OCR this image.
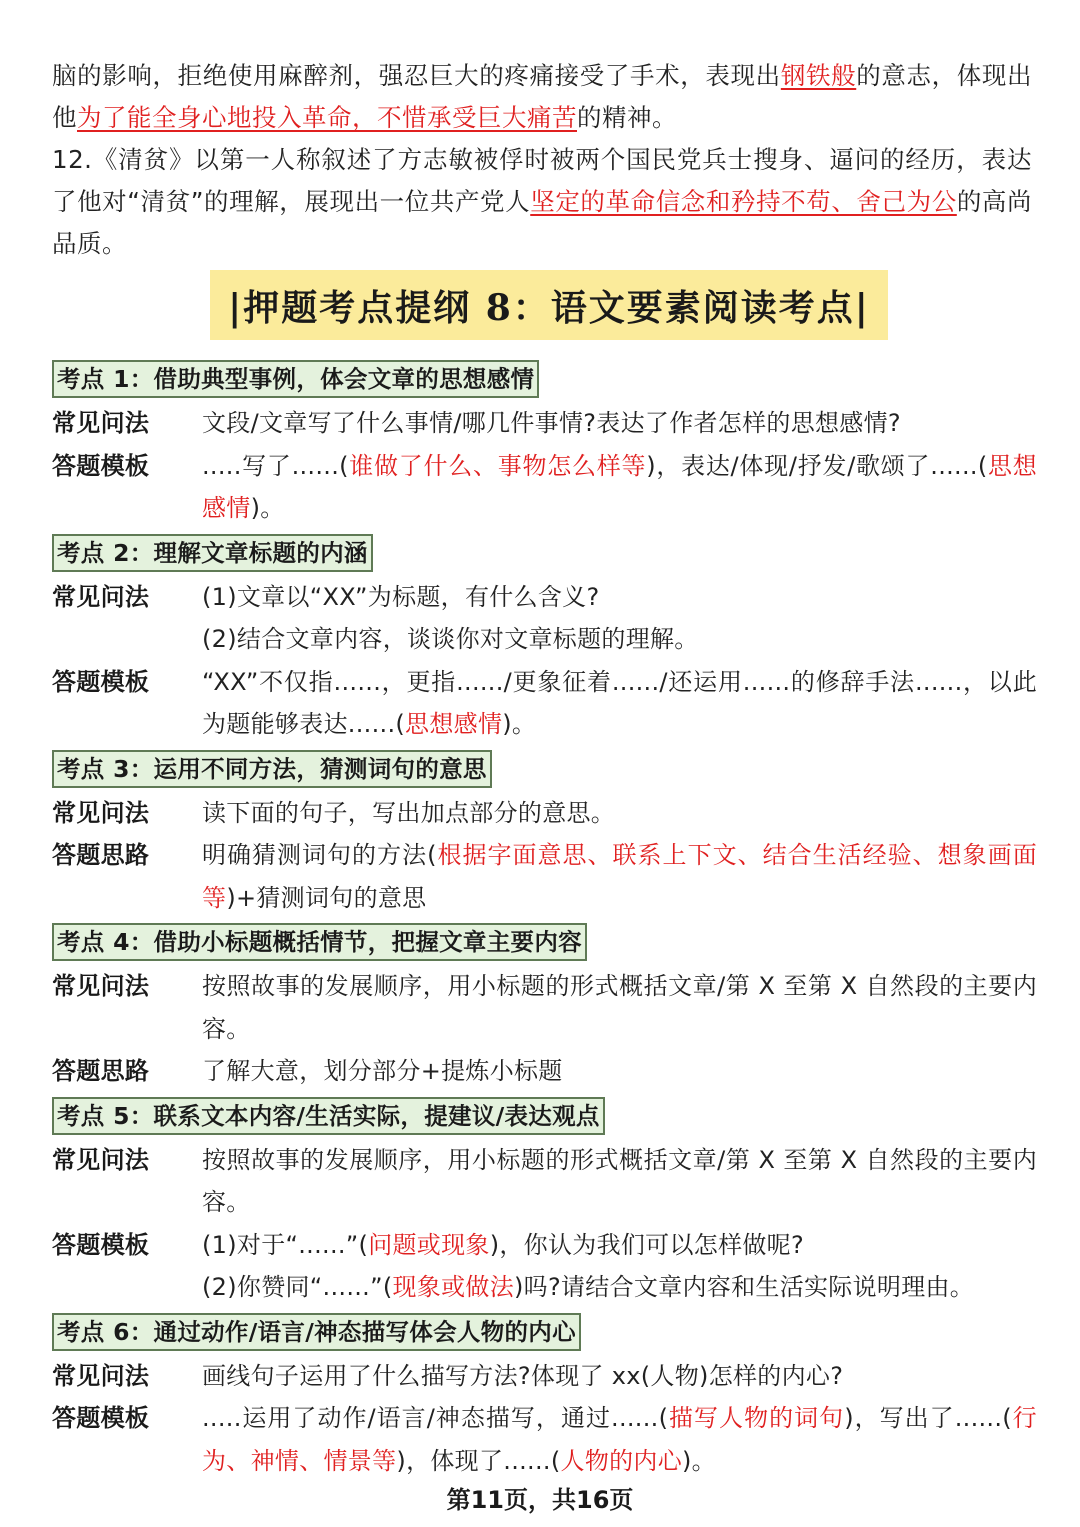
脑的影响，拒绝使用麻醉剂，强忍巨大的疼痛接受了手术，表现出钢铁般的意志，体现出他为了能全身心地投入革命，不惜承受巨大痛苦的精神。

12.《清贫》以第一人称叙述了方志敏被俘时被两个国民党兵士搜身、逼问的经历，表达了他对“清贫”的理解，展现出一位共产党人坚定的革命信念和矜持不苟、舍己为公的高尚品质。

|押题考点提纲 8：语文要素阅读考点|
考点 1：借助典型事例，体会文章的思想感情
常见问法	文段/文章写了什么事情/哪几件事情?表达了作者怎样的思想感情?
答题模板	.....写了......(谁做了什么、事物怎么样等)，表达/体现/抒发/歌颂了......(思想感情)。
考点 2：理解文章标题的内涵
常见问法	(1)文章以“XX”为标题，有什么含义?
(2)结合文章内容，谈谈你对文章标题的理解。
答题模板	“XX”不仅指......，更指....../更象征着....../还运用......的修辞手法......，以此为题能够表达......(思想感情)。
考点 3：运用不同方法，猜测词句的意思
常见问法	读下面的句子，写出加点部分的意思。
答题思路	明确猜测词句的方法(根据字面意思、联系上下文、结合生活经验、想象画面等)+猜测词句的意思
考点 4：借助小标题概括情节，把握文章主要内容
常见问法	按照故事的发展顺序，用小标题的形式概括文章/第 X 至第 X 自然段的主要内容。
答题思路	了解大意，划分部分+提炼小标题
考点 5：联系文本内容/生活实际，提建议/表达观点
常见问法	按照故事的发展顺序，用小标题的形式概括文章/第 X 至第 X 自然段的主要内容。
答题模板	(1)对于“......”(问题或现象)，你认为我们可以怎样做呢?
(2)你赞同“......”(现象或做法)吗?请结合文章内容和生活实际说明理由。
考点 6：通过动作/语言/神态描写体会人物的内心
常见问法	画线句子运用了什么描写方法?体现了 xx(人物)怎样的内心?
答题模板	.....运用了动作/语言/神态描写，通过......(描写人物的词句)，写出了......(行为、神情、情景等)，体现了......(人物的内心)。
第11页，共16页
